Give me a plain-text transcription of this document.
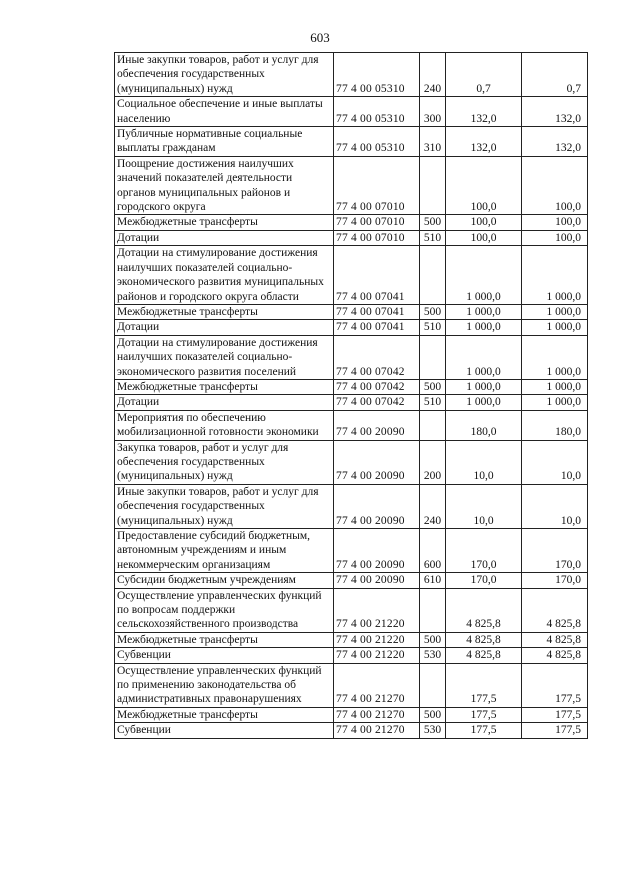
603
Иные закупки товаров, работ и услуг для обеспечения государственных (муниципальных) нужд	77 4 00 05310	240	0,7	0,7
Социальное обеспечение и иные выплаты населению	77 4 00 05310	300	132,0	132,0
Публичные нормативные социальные выплаты гражданам	77 4 00 05310	310	132,0	132,0
Поощрение достижения наилучших значений показателей деятельности органов муниципальных районов и городского округа	77 4 00 07010		100,0	100,0
Межбюджетные трансферты	77 4 00 07010	500	100,0	100,0
Дотации	77 4 00 07010	510	100,0	100,0
Дотации на стимулирование достижения наилучших показателей социально-экономического развития муниципальных районов и городского округа области	77 4 00 07041		1 000,0	1 000,0
Межбюджетные трансферты	77 4 00 07041	500	1 000,0	1 000,0
Дотации	77 4 00 07041	510	1 000,0	1 000,0
Дотации на стимулирование достижения наилучших показателей социально-экономического развития поселений	77 4 00 07042		1 000,0	1 000,0
Межбюджетные трансферты	77 4 00 07042	500	1 000,0	1 000,0
Дотации	77 4 00 07042	510	1 000,0	1 000,0
Мероприятия по обеспечению мобилизационной готовности экономики	77 4 00 20090		180,0	180,0
Закупка товаров, работ и услуг для обеспечения государственных (муниципальных) нужд	77 4 00 20090	200	10,0	10,0
Иные закупки товаров, работ и услуг для обеспечения государственных (муниципальных) нужд	77 4 00 20090	240	10,0	10,0
Предоставление субсидий бюджетным, автономным учреждениям и иным некоммерческим организациям	77 4 00 20090	600	170,0	170,0
Субсидии бюджетным учреждениям	77 4 00 20090	610	170,0	170,0
Осуществление управленческих функций по вопросам поддержки сельскохозяйственного производства	77 4 00 21220		4 825,8	4 825,8
Межбюджетные трансферты	77 4 00 21220	500	4 825,8	4 825,8
Субвенции	77 4 00 21220	530	4 825,8	4 825,8
Осуществление управленческих функций по применению законодательства об административных правонарушениях	77 4 00 21270		177,5	177,5
Межбюджетные трансферты	77 4 00 21270	500	177,5	177,5
Субвенции	77 4 00 21270	530	177,5	177,5
